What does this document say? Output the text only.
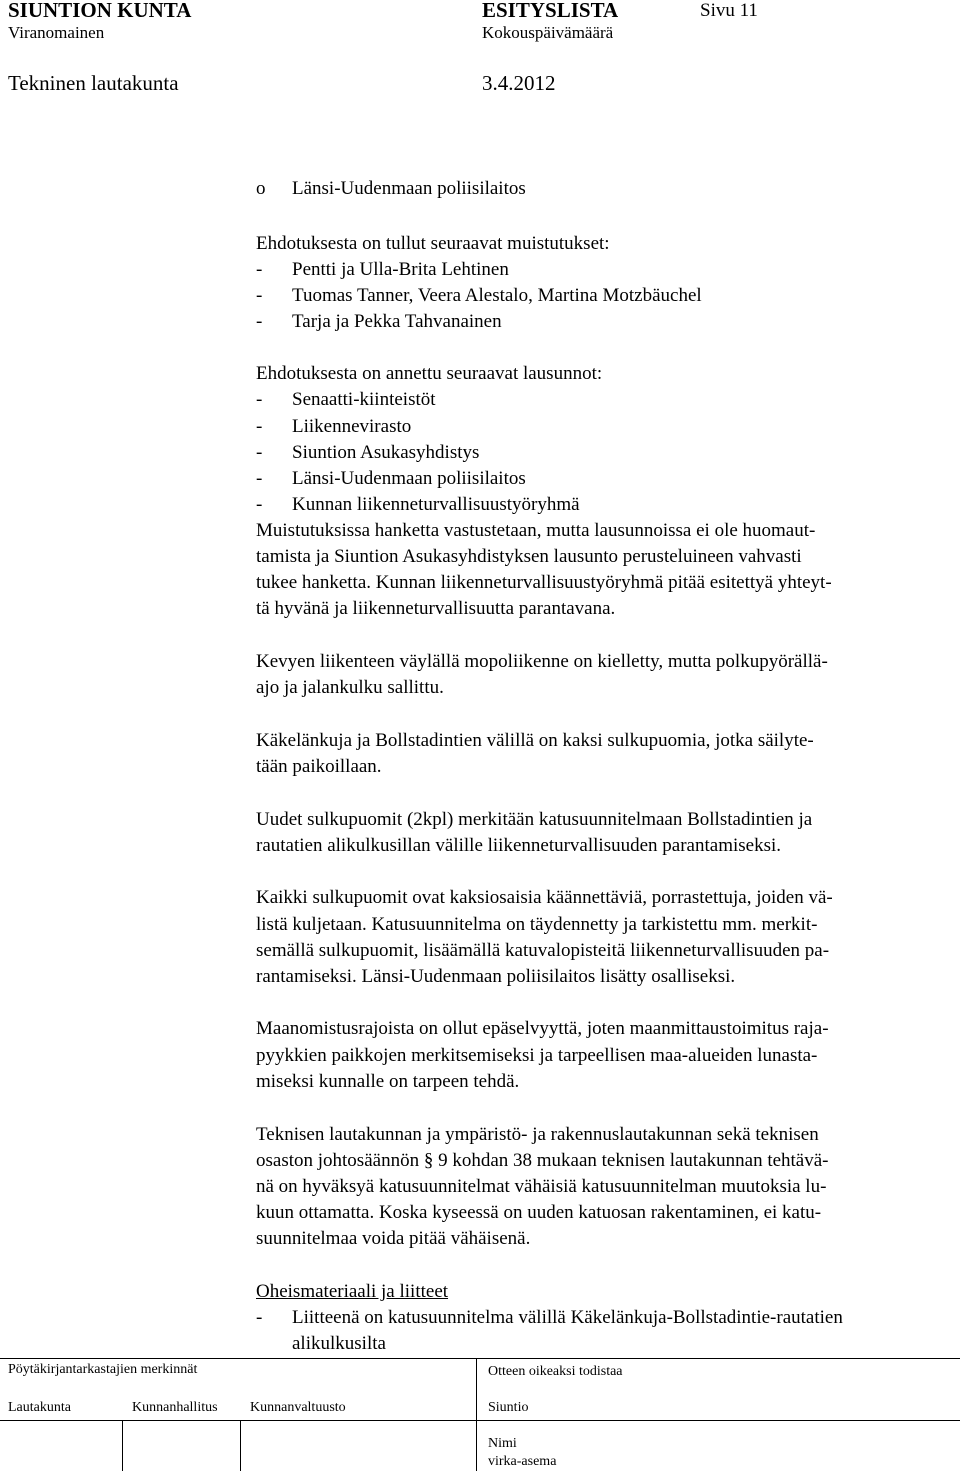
SIUNTION KUNTA	ESITYSLISTA	Sivu 11
Viranomainen	Kokouspäivämäärä
Tekninen lautakunta	3.4.2012
o Länsi-Uudenmaan poliisilaitos
Ehdotuksesta on tullut seuraavat muistutukset:
- Pentti ja Ulla-Brita Lehtinen
- Tuomas Tanner, Veera Alestalo, Martina Motzbäuchel
- Tarja ja Pekka Tahvanainen
Ehdotuksesta on annettu seuraavat lausunnot:
- Senaatti-kiinteistöt
- Liikennevirasto
- Siuntion Asukasyhdistys
- Länsi-Uudenmaan poliisilaitos
- Kunnan liikenneturvallisuustyöryhmä
Muistutuksissa hanketta vastustetaan, mutta lausunnoissa ei ole huomaut-
tamista ja Siuntion Asukasyhdistyksen lausunto perusteluineen vahvasti
tukee hanketta. Kunnan liikenneturvallisuustyöryhmä pitää esitettyä yhteyt-
tä hyvänä ja liikenneturvallisuutta parantavana.
Kevyen liikenteen väylällä mopoliikenne on kielletty, mutta polkupyörällä-
ajo ja jalankulku sallittu.
Käkelänkuja ja Bollstadintien välillä on kaksi sulkupuomia, jotka säilyte-
tään paikoillaan.
Uudet sulkupuomit (2kpl) merkitään katusuunnitelmaan Bollstadintien ja
rautatien alikulkusillan välille liikenneturvallisuuden parantamiseksi.
Kaikki sulkupuomit ovat kaksiosaisia käännettäviä, porrastettuja, joiden vä-
listä kuljetaan. Katusuunnitelma on täydennetty ja tarkistettu mm. merkit-
semällä sulkupuomit, lisäämällä katuvalopisteitä liikenneturvallisuuden pa-
rantamiseksi. Länsi-Uudenmaan poliisilaitos lisätty osalliseksi.
Maanomistusrajoista on ollut epäselvyyttä, joten maanmittaustoimitus raja-
pyykkien paikkojen merkitsemiseksi ja tarpeellisen maa-alueiden lunasta-
miseksi kunnalle on tarpeen tehdä.
Teknisen lautakunnan ja ympäristö- ja rakennuslautakunnan sekä teknisen
osaston johtosäännön § 9 kohdan 38 mukaan teknisen lautakunnan tehtävä-
nä on hyväksyä katusuunnitelmat vähäisiä katusuunnitelman muutoksia lu-
kuun ottamatta. Koska kyseessä on uuden katuosan rakentaminen, ei katu-
suunnitelmaa voida pitää vähäisenä.
Oheismateriaali ja liitteet
- Liitteenä on katusuunnitelma välillä Käkelänkuja-Bollstadintie-rautatien
alikulkusilta
Pöytäkirjantarkastajien merkinnät	Otteen oikeaksi todistaa
Lautakunta	Kunnanhallitus Kunnanvaltuusto	Siuntio
Nimi
virka-asema
